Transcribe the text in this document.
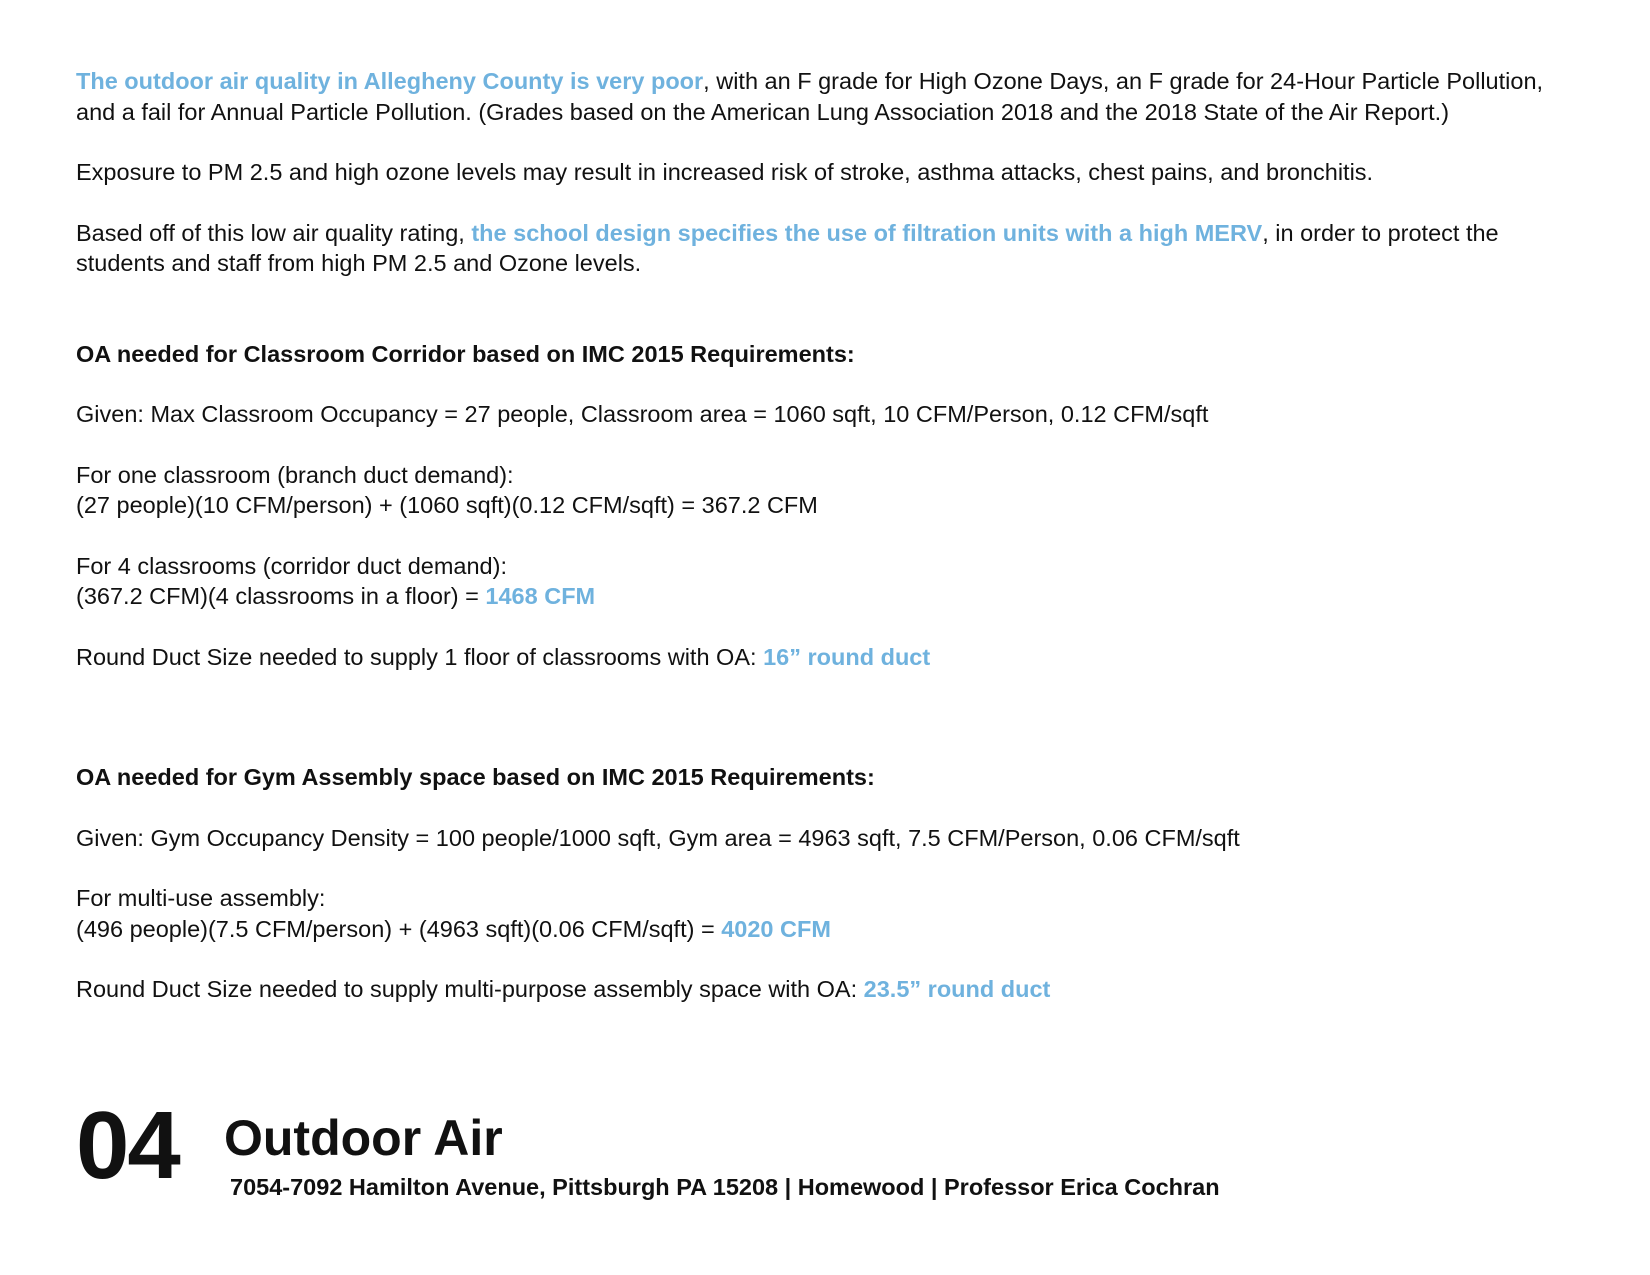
The outdoor air quality in Allegheny County is very poor, with an F grade for High Ozone Days, an F grade for 24-Hour Particle Pollution, and a fail for Annual Particle Pollution. (Grades based on the American Lung Association 2018 and the 2018 State of the Air Report.)

Exposure to PM 2.5 and high ozone levels may result in increased risk of stroke, asthma attacks, chest pains, and bronchitis.

Based off of this low air quality rating, the school design specifies the use of filtration units with a high MERV, in order to protect the students and staff from high PM 2.5 and Ozone levels.

OA needed for Classroom Corridor based on IMC 2015 Requirements:

Given: Max Classroom Occupancy = 27 people, Classroom area = 1060 sqft, 10 CFM/Person, 0.12 CFM/sqft

For one classroom (branch duct demand):

(27 people)(10 CFM/person) + (1060 sqft)(0.12 CFM/sqft) = 367.2 CFM

For 4 classrooms (corridor duct demand):

(367.2 CFM)(4 classrooms in a floor) = 1468 CFM

Round Duct Size needed to supply 1 floor of classrooms with OA: 16” round duct

OA needed for Gym Assembly space based on IMC 2015 Requirements:

Given: Gym Occupancy Density = 100 people/1000 sqft, Gym area = 4963 sqft, 7.5 CFM/Person, 0.06 CFM/sqft

For multi-use assembly:

(496 people)(7.5 CFM/person) + (4963 sqft)(0.06 CFM/sqft) = 4020 CFM

Round Duct Size needed to supply multi-purpose assembly space with OA: 23.5” round duct

04 Outdoor Air
7054-7092 Hamilton Avenue, Pittsburgh PA 15208 | Homewood | Professor Erica Cochran
